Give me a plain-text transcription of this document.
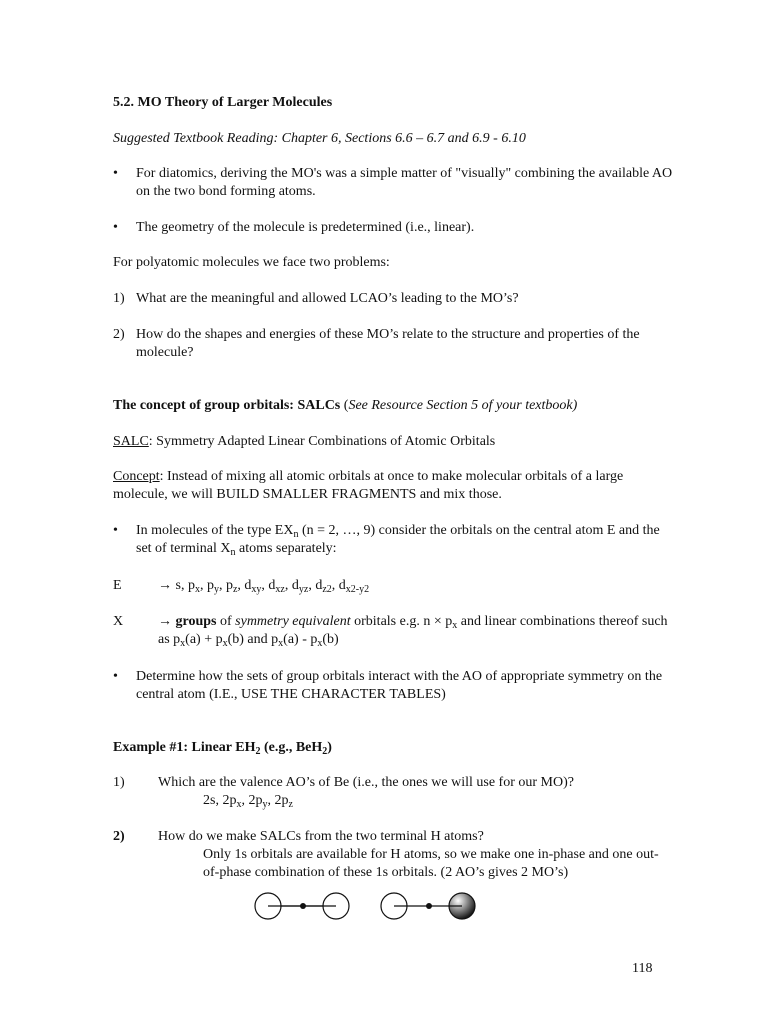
5.2. MO Theory of Larger Molecules
Suggested Textbook Reading: Chapter 6, Sections 6.6 – 6.7 and 6.9 - 6.10
• For diatomics, deriving the MO's was a simple matter of "visually" combining the available AO on the two bond forming atoms.
• The geometry of the molecule is predetermined (i.e., linear).
For polyatomic molecules we face two problems:
1) What are the meaningful and allowed LCAO’s leading to the MO’s?
2) How do the shapes and energies of these MO’s relate to the structure and properties of the molecule?
The concept of group orbitals: SALCs (See Resource Section 5 of your textbook)
SALC: Symmetry Adapted Linear Combinations of Atomic Orbitals
Concept: Instead of mixing all atomic orbitals at once to make molecular orbitals of a large molecule, we will BUILD SMALLER FRAGMENTS and mix those.
• In molecules of the type $EX_n$ (n = 2, …, 9) consider the orbitals on the central atom E and the set of terminal $X_n$ atoms separately:
E	→ s, $p_x$, $p_y$, $p_z$, $d_{xy}$, $d_{xz}$, $d_{yz}$, $d_{z2}$, $d_{x2-y2}$
X → groups of symmetry equivalent orbitals e.g. $n \times p_x$ and linear combinations thereof such as $p_x(a) + p_x(b)$ and $p_x(a) - p_x(b)$
• Determine how the sets of group orbitals interact with the AO of appropriate symmetry on the central atom (I.E., USE THE CHARACTER TABLES)
Example #1: Linear $EH_2$ (e.g., BeH$_2$)
1) Which are the valence AO’s of Be (i.e., the ones we will use for our MO)?
2s, $2p_x$, $2p_y$, $2p_z$
2) How do we make SALCs from the two terminal H atoms?
Only 1s orbitals are available for H atoms, so we make one in-phase and one out-of-phase combination of these 1s orbitals. (2 AO’s gives 2 MO’s)
118
